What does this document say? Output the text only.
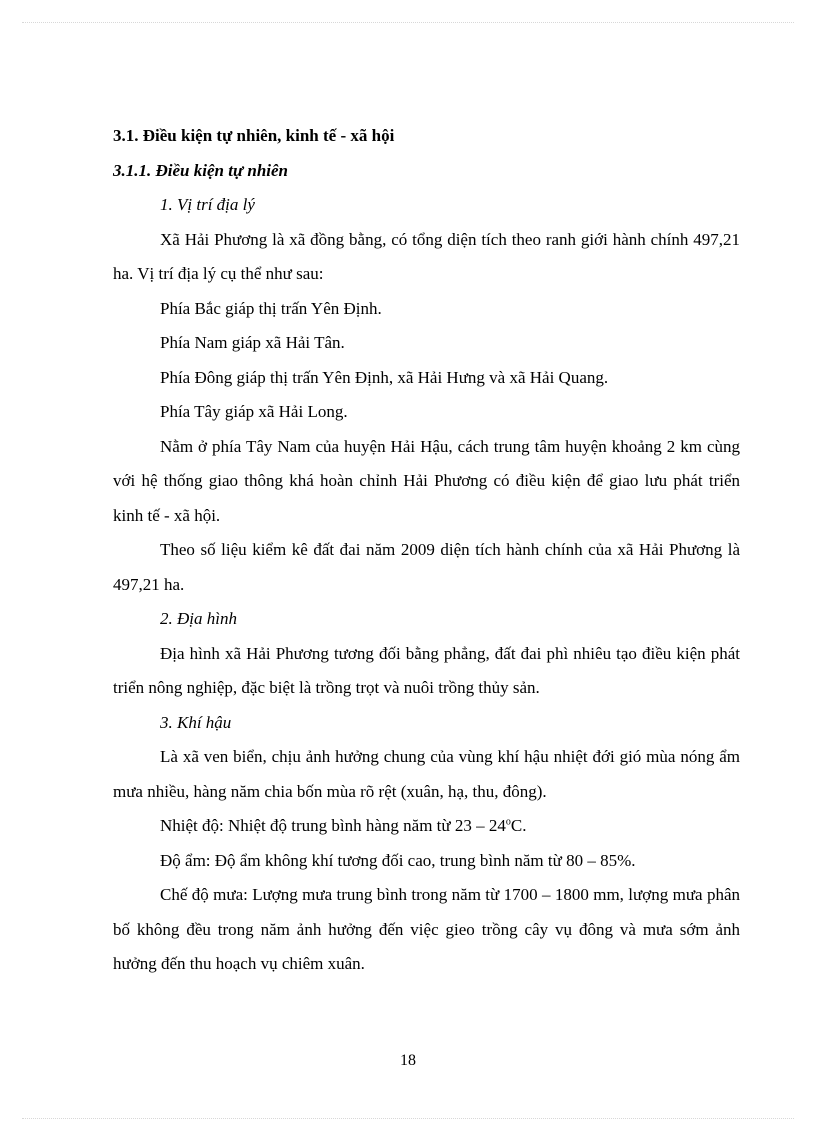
3.1. Điều kiện tự nhiên, kinh tế - xã hội

3.1.1. Điều kiện tự nhiên

1. Vị trí địa lý

Xã Hải Phương là xã đồng bằng, có tổng diện tích theo ranh giới hành chính 497,21 ha. Vị trí địa lý cụ thể như sau:

Phía Bắc giáp thị trấn Yên Định.

Phía Nam giáp xã Hải Tân.

Phía Đông giáp thị trấn Yên Định, xã Hải Hưng và xã Hải Quang.

Phía Tây giáp xã Hải Long.

Nằm ở phía Tây Nam của huyện Hải Hậu, cách trung tâm huyện khoảng 2 km cùng với hệ thống giao thông khá hoàn chỉnh Hải Phương có điều kiện để giao lưu phát triển kinh tế - xã hội.

Theo số liệu kiểm kê đất đai năm 2009 diện tích hành chính của xã Hải Phương là 497,21 ha.

2. Địa hình

Địa hình xã Hải Phương tương đối bằng phẳng, đất đai phì nhiêu tạo điều kiện phát triển nông nghiệp, đặc biệt là trồng trọt và nuôi trồng thủy sản.

3. Khí hậu

Là xã ven biển, chịu ảnh hưởng chung của vùng khí hậu nhiệt đới gió mùa nóng ẩm mưa nhiều, hàng năm chia bốn mùa rõ rệt (xuân, hạ, thu, đông).

Nhiệt độ: Nhiệt độ trung bình hàng năm từ 23 – 24$^o$C.

Độ ẩm: Độ ẩm không khí tương đối cao, trung bình năm từ 80 – 85%.

Chế độ mưa: Lượng mưa trung bình trong năm từ 1700 – 1800 mm, lượng mưa phân bố không đều trong năm ảnh hưởng đến việc gieo trồng cây vụ đông và mưa sớm ảnh hưởng đến thu hoạch vụ chiêm xuân.

18
